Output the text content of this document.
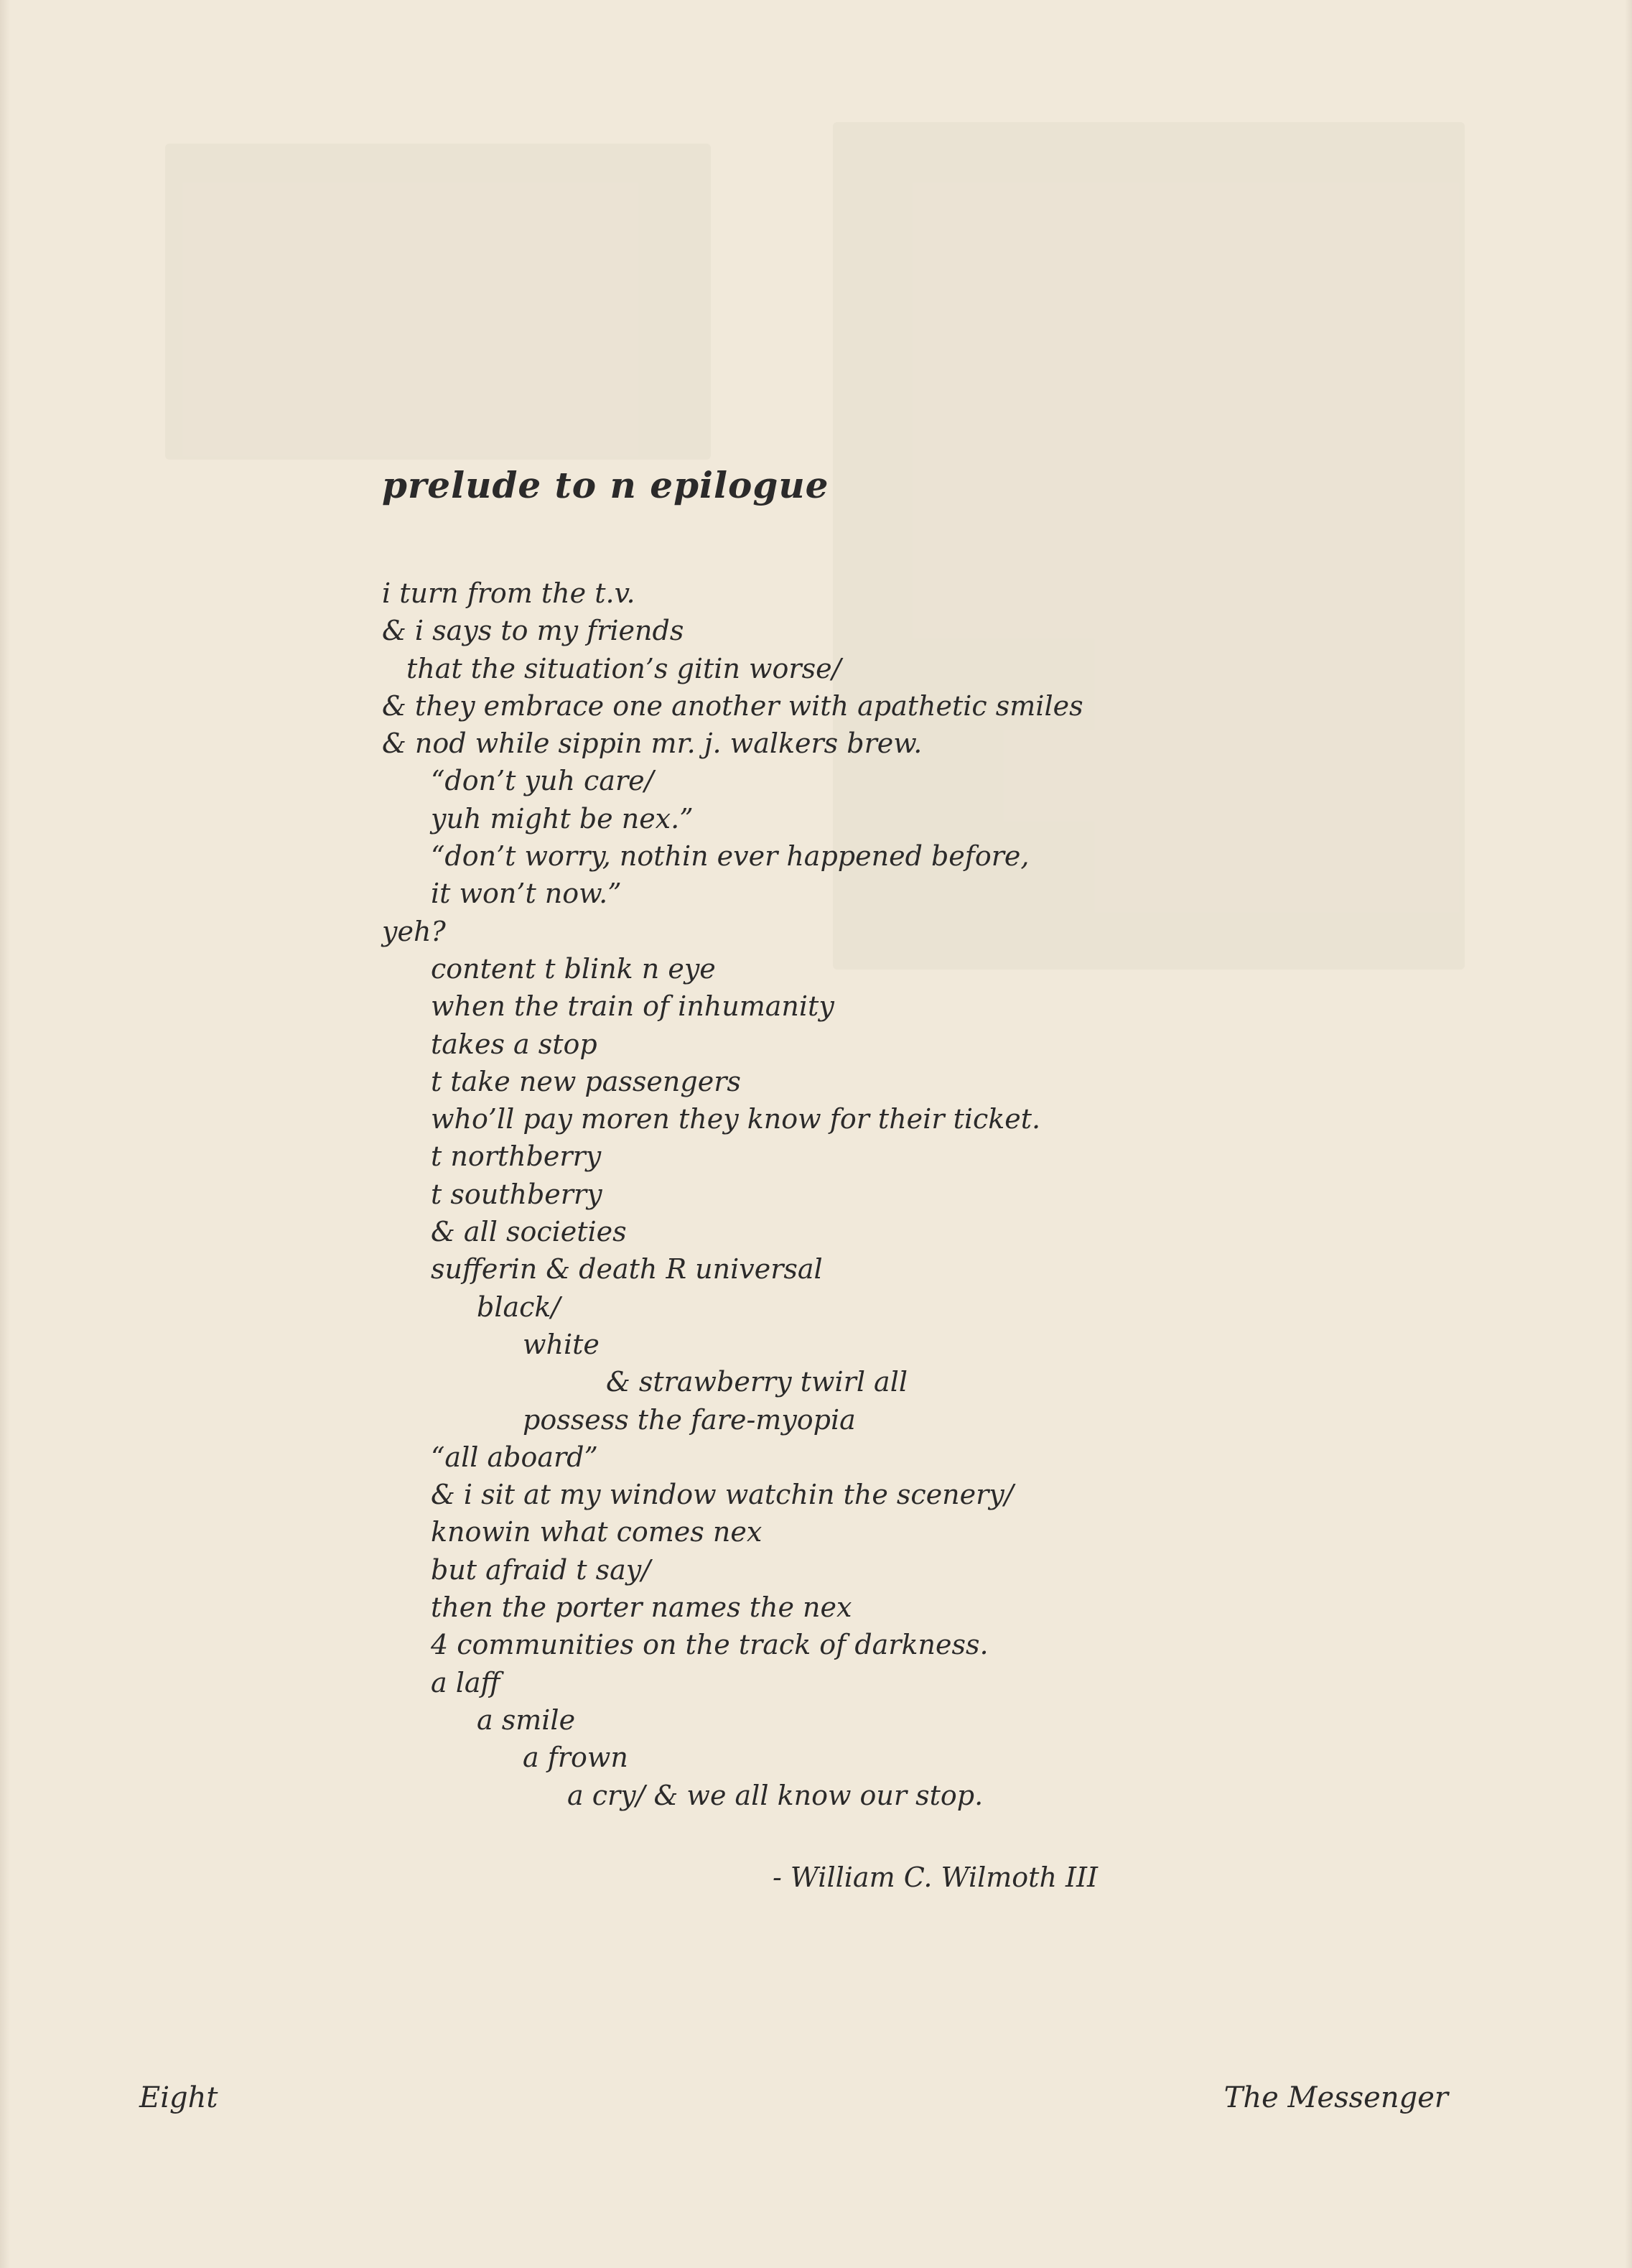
prelude to n epilogue
i turn from the t.v.
& i says to my friends
that the situation’s gitin worse/
& they embrace one another with apathetic smiles
& nod while sippin mr. j. walkers brew.
“don’t yuh care/
yuh might be nex.”
“don’t worry, nothin ever happened before,
it won’t now.”
yeh?
content t blink n eye
when the train of inhumanity
takes a stop
t take new passengers
who’ll pay moren they know for their ticket.
t northberry
t southberry
& all societies
sufferin & death R universal
black/
white
& strawberry twirl all
possess the fare-myopia
“all aboard”
& i sit at my window watchin the scenery/
knowin what comes nex
but afraid t say/
then the porter names the nex
4 communities on the track of darkness.
a laff
a smile
a frown
a cry/ & we all know our stop.
- William C. Wilmoth III
Eight	The Messenger
